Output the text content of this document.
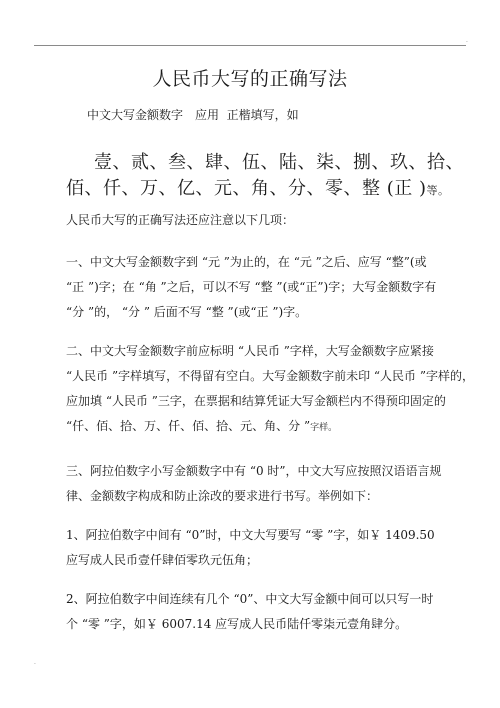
·
·
人民币大写的正确写法
中文大写金额数字　应用  正楷填写，如
壹、贰、叁、肆、伍、陆、柒、捌、玖、拾、
佰、仟、万、亿、元、角、分、零、整 (正 )等。
人民币大写的正确写法还应注意以下几项：
一、中文大写金额数字到 “元 ”为止的，在 “元 ”之后、应写 “整”(或
“正 ”)字；在 “角 ”之后，可以不写 “整 ”(或“正”)字；大写金额数字有
“分 ”的， “分 ” 后面不写 “整 ”(或“正 ”)字。
二、中文大写金额数字前应标明 “人民币 ”字样，大写金额数字应紧接
“人民币 ”字样填写，不得留有空白。大写金额数字前未印 “人民币 ”字样的，
应加填 “人民币 ”三字，在票据和结算凭证大写金额栏内不得预印固定的
“仟、佰、拾、万、仟、佰、拾、元、角、分 ”字样。
三、阿拉伯数字小写金额数字中有 “0 时”，中文大写应按照汉语语言规
律、金额数字构成和防止涂改的要求进行书写。举例如下：
1、阿拉伯数字中间有 “0”时，中文大写要写 “零 ”字，如￥ 1409.50
应写成人民币壹仟肆佰零玖元伍角；
2、阿拉伯数字中间连续有几个 “0”、中文大写金额中间可以只写一时
个 “零 ”字，如￥ 6007.14 应写成人民币陆仟零柒元壹角肆分。
